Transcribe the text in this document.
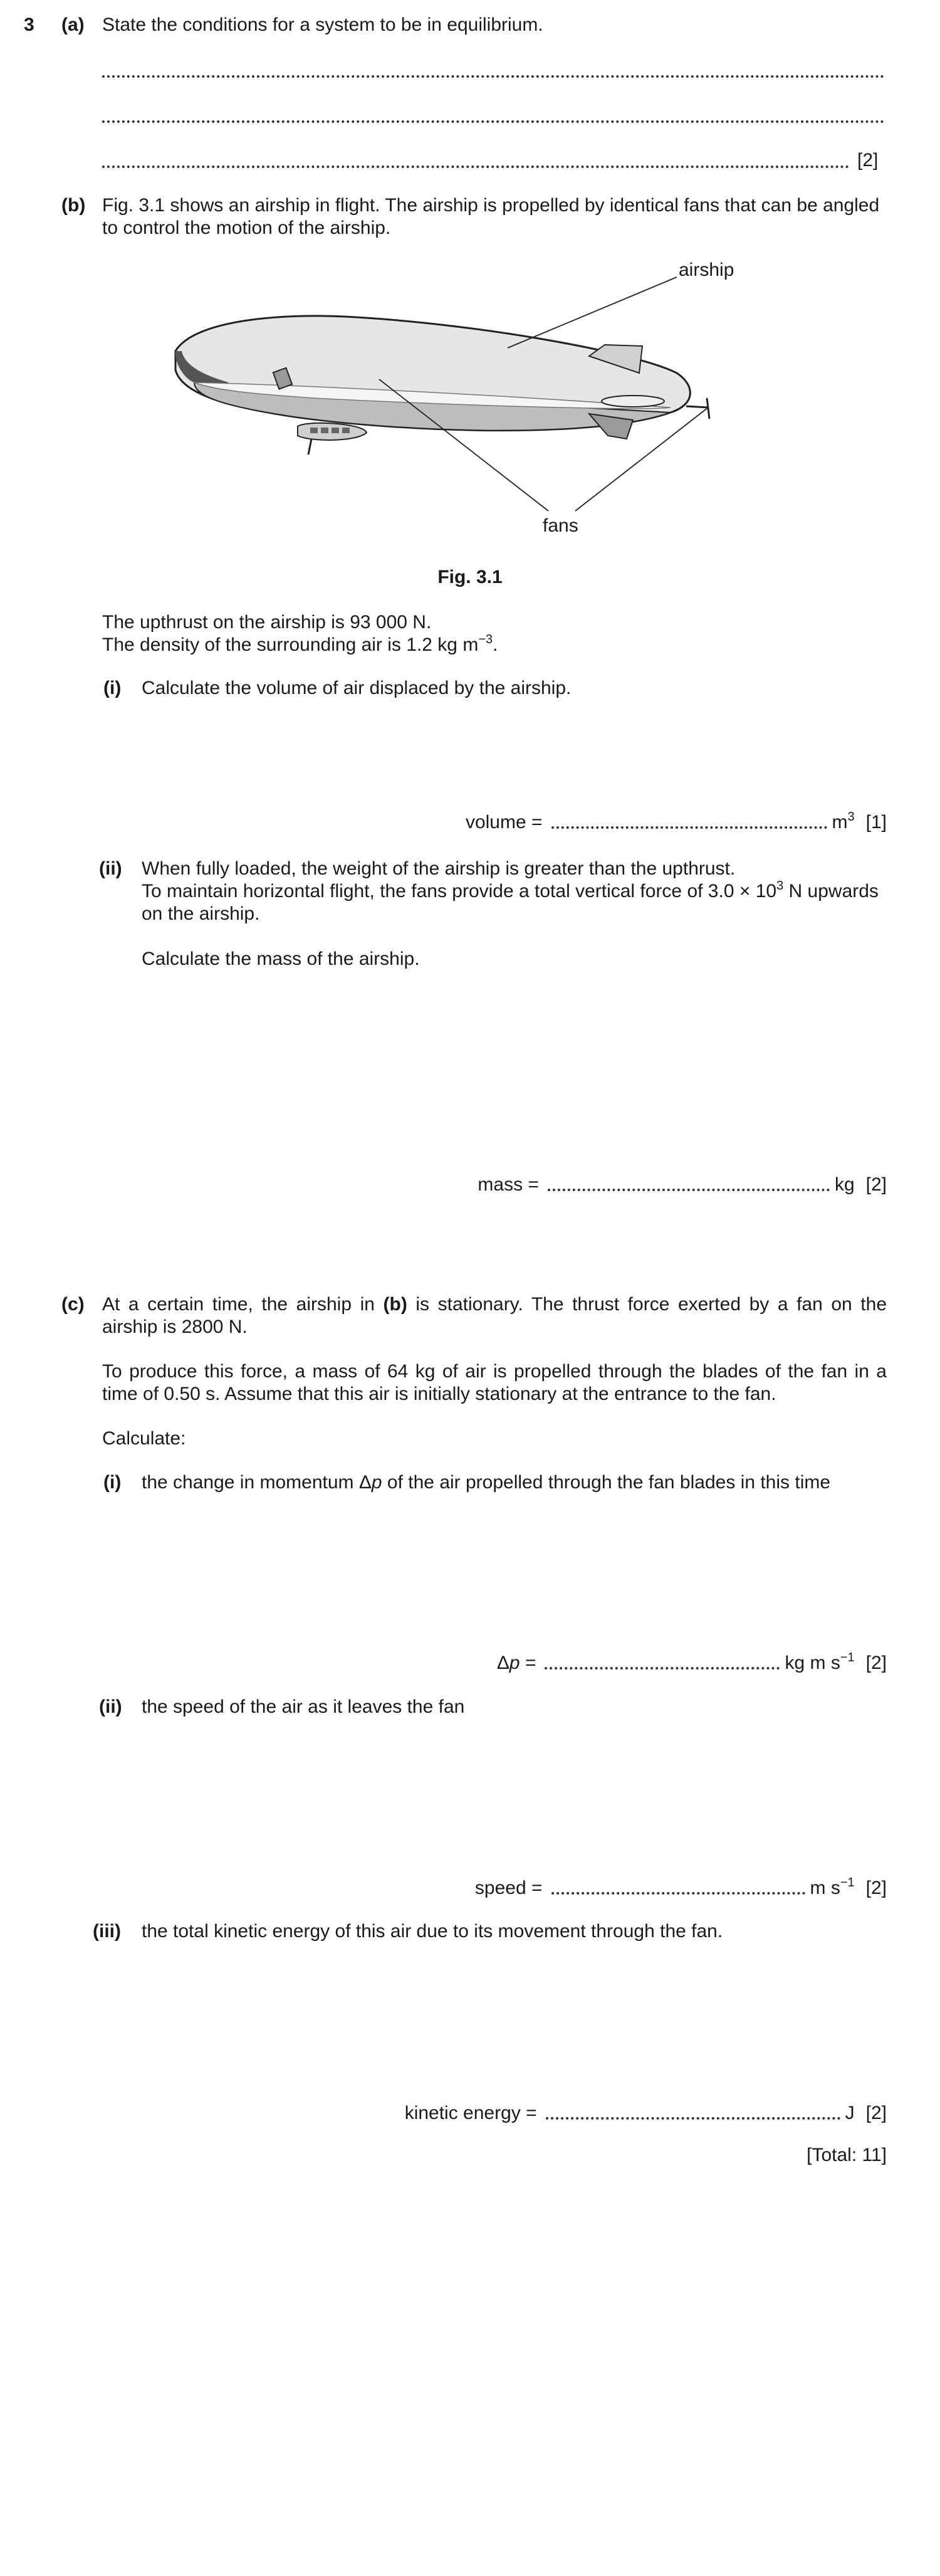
3 (a) State the conditions for a system to be in equilibrium.
[2]
(b) Fig. 3.1 shows an airship in flight. The airship is propelled by identical fans that can be angled
to control the motion of the airship.
airship
fans
Fig. 3.1
The upthrust on the airship is 93 000 N.
The density of the surrounding air is 1.2 kg $m^{-3}$.
(i) Calculate the volume of air displaced by the airship.
volume =	$m^3$ [1]
(ii) When fully loaded, the weight of the airship is greater than the upthrust.
To maintain horizontal flight, the fans provide a total vertical force of $3.0 \times 10^3$ N upwards
on the airship.
Calculate the mass of the airship.
mass =	kg [2]
(c) At a certain time, the airship in (b) is stationary. The thrust force exerted by a fan on the
airship is 2800 N.
To produce this force, a mass of 64 kg of air is propelled through the blades of the fan in a
time of 0.50 s. Assume that this air is initially stationary at the entrance to the fan.
Calculate:
(i) the change in momentum Δp of the air propelled through the fan blades in this time
Δp =	kg m $s^{-1}$ [2]
(ii) the speed of the air as it leaves the fan
speed =	m $s^{-1}$ [2]
(iii) the total kinetic energy of this air due to its movement through the fan.
kinetic energy =	J [2]
[Total: 11]
